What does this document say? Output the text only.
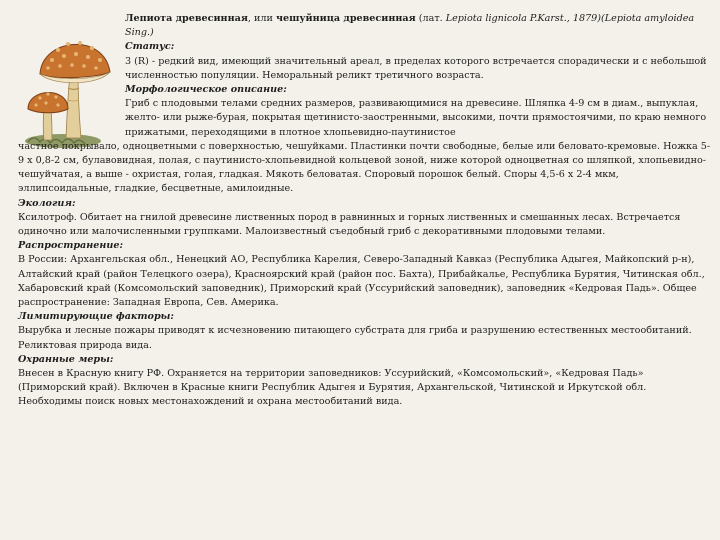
Лепиота древесинная, или чешуйница древесинная (лат. Lepiota lignicola P.Karst., 1879)(Lepiota amyloidea Sing.)

Статус:

3 (R) - редкий вид, имеющий значительный ареал, в пределах которого встречается спорадически и с небольшой численностью популяции. Неморальный реликт третичного возраста.

Морфологическое описание:

Гриб с плодовыми телами средних размеров, развивающимися на древесине. Шляпка 4-9 см в диам., выпуклая, желто- или рыже-бурая, покрытая щетинисто-заостренными, высокими, почти прямостоячими, по краю немного прижатыми, переходящими в плотное хлопьевидно-паутинистое

частное покрывало, одноцветными с поверхностью, чешуйками. Пластинки почти свободные, белые или беловато-кремовые. Ножка 5-9 х 0,8-2 см, булавовидная, полая, с паутинисто-хлопьевидной кольцевой зоной, ниже которой одноцветная со шляпкой, хлопьевидно-чешуйчатая, а выше - охристая, голая, гладкая. Мякоть беловатая. Споровый порошок белый. Споры 4,5-6 х 2-4 мкм, эллипсоидальные, гладкие, бесцветные, амилоидные.

Экология:

Ксилотроф. Обитает на гнилой древесине лиственных пород в равнинных и горных лиственных и смешанных лесах. Встречается одиночно или малочисленными группками. Малоизвестный съедобный гриб с декоративными плодовыми телами.

Распространение:

В России: Архангельская обл., Ненецкий АО, Республика Карелия, Северо-Западный Кавказ (Республика Адыгея, Майкопский р-н), Алтайский край (район Телецкого озера), Красноярский край (район пос. Бахта), Прибайкалье, Республика Бурятия, Читинская обл., Хабаровский край (Комсомольский заповедник), Приморский край (Уссурийский заповедник), заповедник «Кедровая Падь». Общее распространение: Западная Европа, Сев. Америка.

Лимитирующие факторы:

Вырубка и лесные пожары приводят к исчезновению питающего субстрата для гриба и разрушению естественных местообитаний. Реликтовая природа вида.

Охранные меры:

Внесен в Красную книгу РФ. Охраняется на территории заповедников: Уссурийский, «Комсомольский», «Кедровая Падь» (Приморский край). Включен в Красные книги Республик Адыгея и Бурятия, Архангельской, Читинской и Иркутской обл. Необходимы поиск новых местонахождений и охрана местообитаний вида.
